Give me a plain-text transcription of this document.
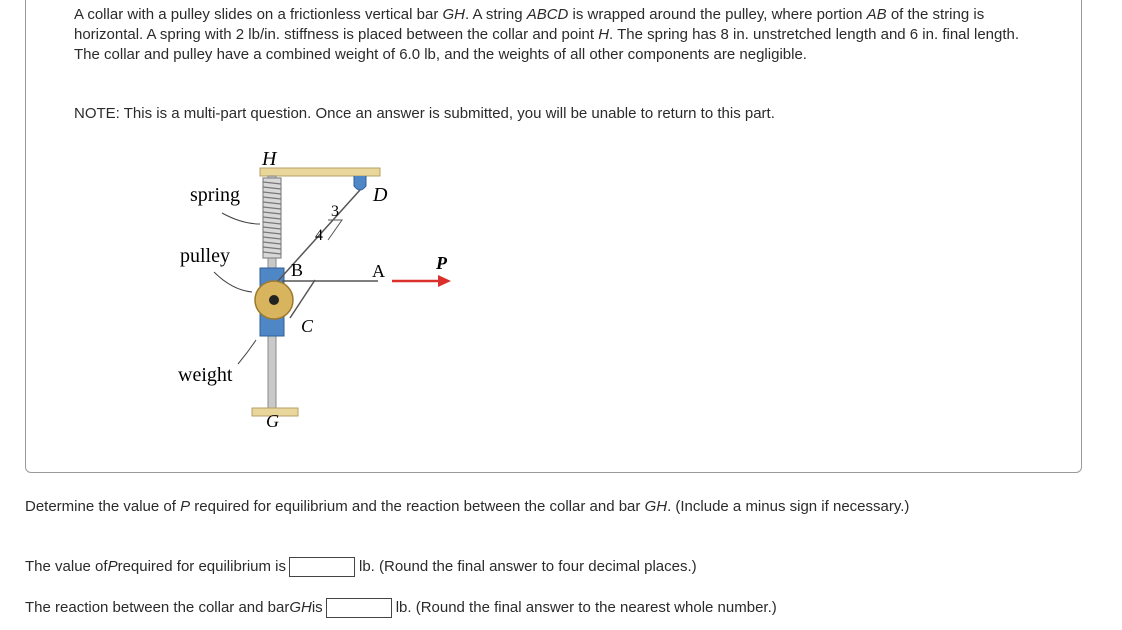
A collar with a pulley slides on a frictionless vertical bar GH. A string ABCD is wrapped around the pulley, where portion AB of the string is horizontal. A spring with 2 lb/in. stiffness is placed between the collar and point H. The spring has 8 in. unstretched length and 6 in. final length. The collar and pulley have a combined weight of 6.0 lb, and the weights of all other components are negligible.

NOTE: This is a multi-part question. Once an answer is submitted, you will be unable to return to this part.

H
D
3
4
B	A	P
C
G
spring
pulley
weight

Determine the value of P required for equilibrium and the reaction between the collar and bar GH. (Include a minus sign if necessary.)

The value of P required for equilibrium is	lb. (Round the final answer to four decimal places.)
The reaction between the collar and bar GH is	lb. (Round the final answer to the nearest whole number.)
